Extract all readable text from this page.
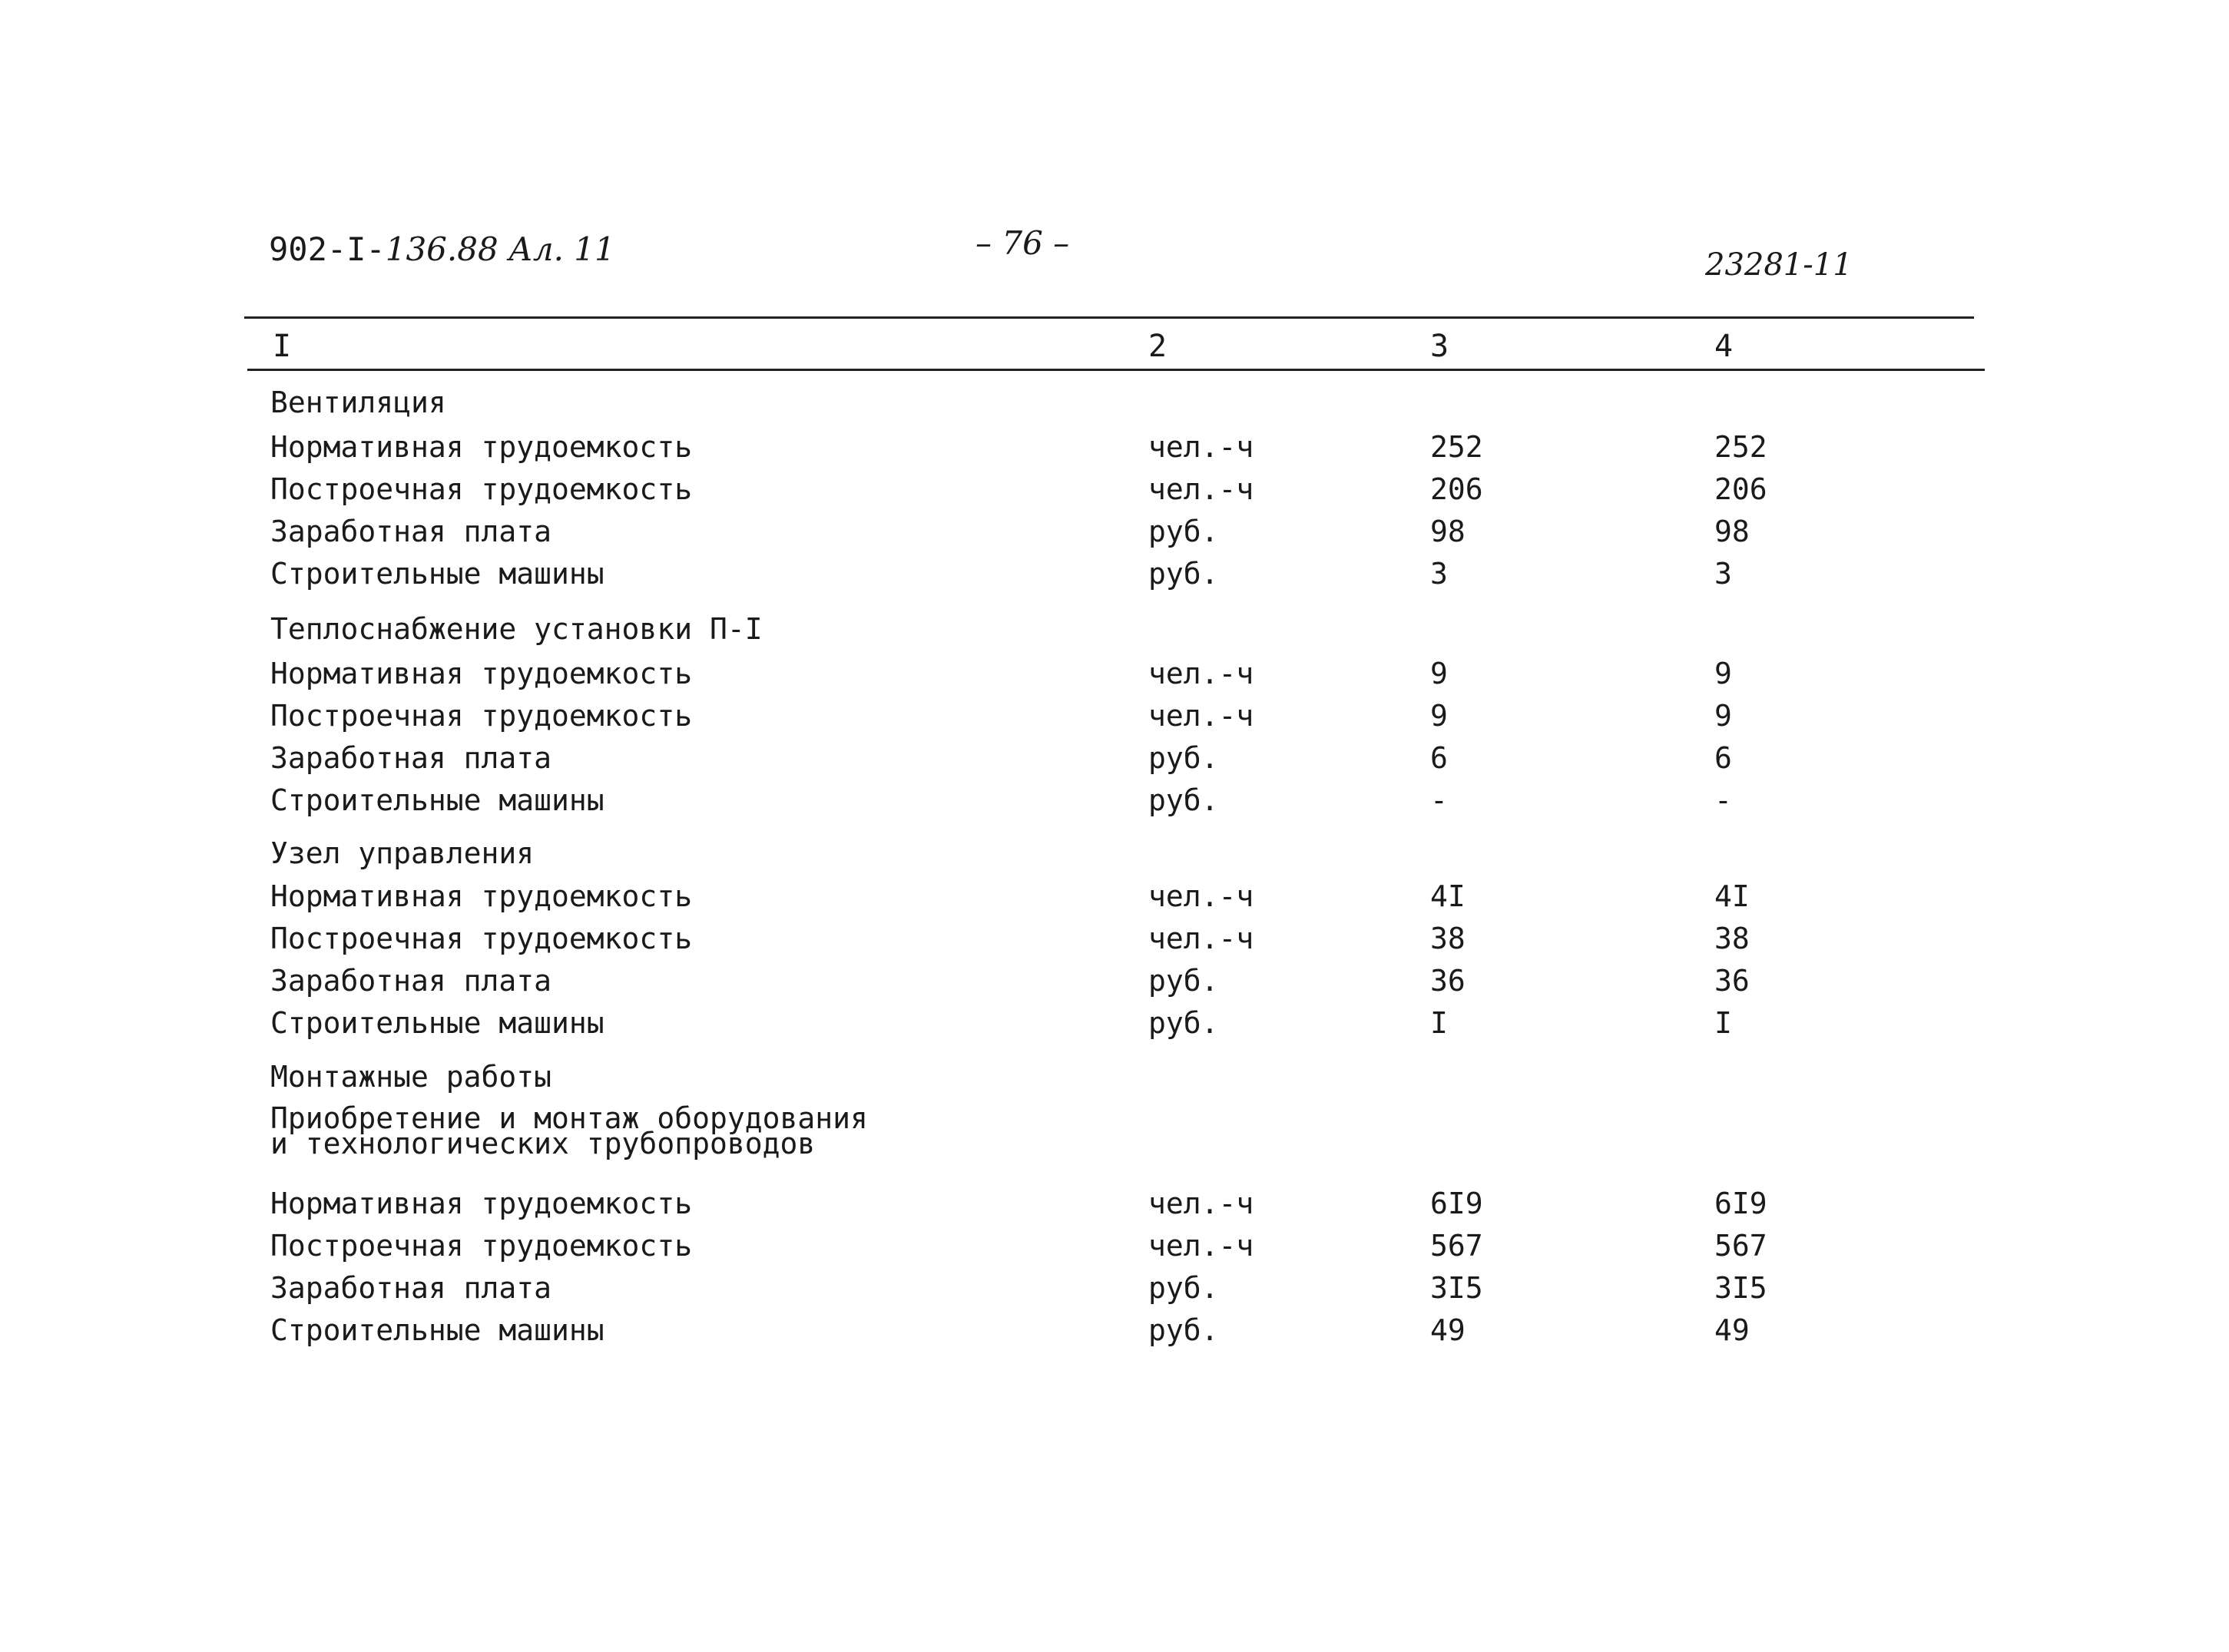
902-I-136.88 Ал. 11	– 76 –
23281-11
I	2	3	4
Вентиляция
Нормативная трудоемкость	чел.-ч	252	252
Построечная трудоемкость	чел.-ч	206	206
Заработная плата	руб.	98	98
Строительные машины	руб.	3	3
Теплоснабжение установки П-I
Нормативная трудоемкость	чел.-ч	9	9
Построечная трудоемкость	чел.-ч	9	9
Заработная плата	руб.	6	6
Строительные машины	руб.	-	-
Узел управления
Нормативная трудоемкость	чел.-ч	4I	4I
Построечная трудоемкость	чел.-ч	38	38
Заработная плата	руб.	36	36
Строительные машины	руб.	I	I
Монтажные работы
Приобретение и монтаж оборудования
и технологических трубопроводов
Нормативная трудоемкость	чел.-ч	6I9	6I9
Построечная трудоемкость	чел.-ч	567	567
Заработная плата	руб.	3I5	3I5
Строительные машины	руб.	49	49
